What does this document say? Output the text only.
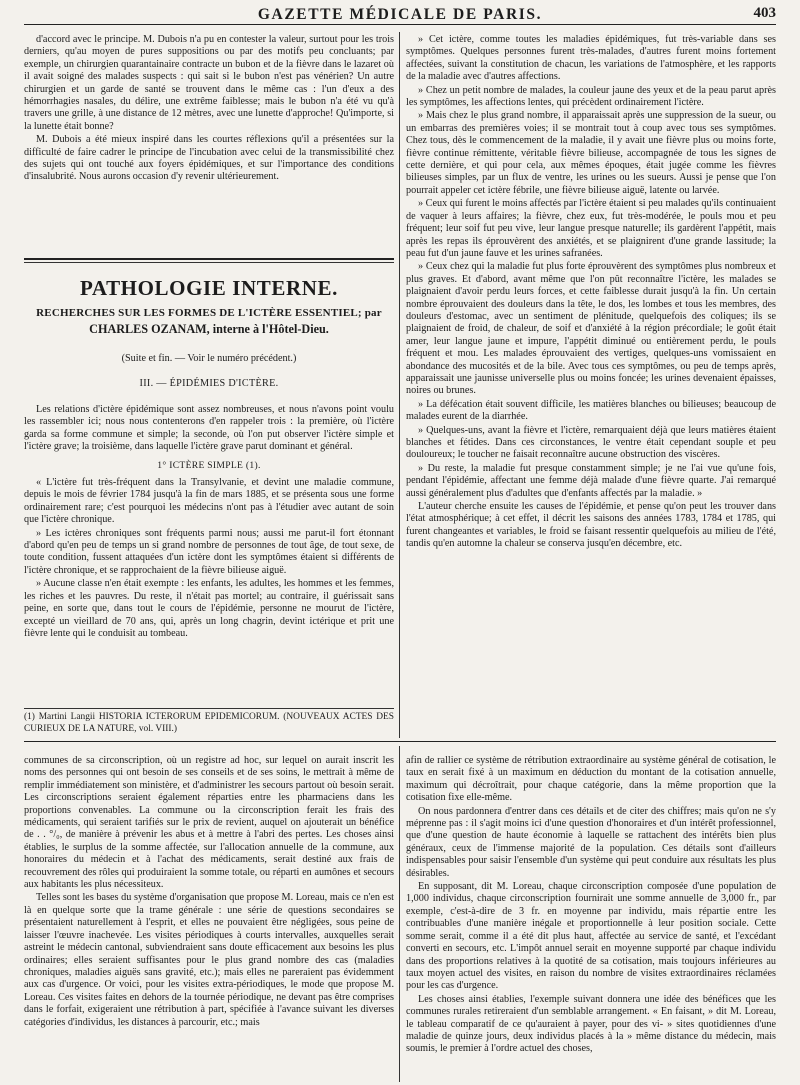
GAZETTE MÉDICALE DE PARIS.	403

d'accord avec le principe. M. Dubois n'a pu en contester la valeur, surtout pour les trois derniers, qu'au moyen de pures suppositions ou par des motifs peu concluants; par exemple, un chirurgien quarantainaire contracte un bubon et de la fièvre dans le lazaret où il avait soigné des malades suspects : qui sait si le bubon n'est pas vénérien? Un autre chirurgien et un garde de santé se trouvent dans le même cas : l'un d'eux a des hémorrhagies nasales, du délire, une extrême faiblesse; mais le bubon n'a été vu qu'à travers une grille, à une distance de 12 mètres, avec une lunette d'approche! Qu'importe, si la lunette était bonne?

M. Dubois a été mieux inspiré dans les courtes réflexions qu'il a présentées sur la difficulté de faire cadrer le principe de l'incubation avec celui de la transmissibilité chez des sujets qui ont touché aux foyers épidémiques, et sur l'importance des conditions d'insalubrité. Nous aurons occasion d'y revenir ultérieurement.

PATHOLOGIE INTERNE.
RECHERCHES SUR LES FORMES DE L'ICTÈRE ESSENTIEL; par
CHARLES OZANAM, interne à l'Hôtel-Dieu.
(Suite et fin. — Voir le numéro précédent.)
III. — ÉPIDÉMIES D'ICTÈRE.

Les relations d'ictère épidémique sont assez nombreuses, et nous n'avons point voulu les rassembler ici; nous nous contenterons d'en rappeler trois : la première, où l'ictère garda sa forme commune et simple; la seconde, où l'on put observer l'ictère simple et l'ictère grave; la troisième, dans laquelle l'ictère grave parut dominant et général.

1° ICTÈRE SIMPLE (1).

« L'ictère fut très-fréquent dans la Transylvanie, et devint une maladie commune, depuis le mois de février 1784 jusqu'à la fin de mars 1885, et se présenta sous une forme ordinairement rare; c'est pourquoi les médecins n'ont pas à l'étudier avec autant de soin que l'ictère chronique.

» Les ictères chroniques sont fréquents parmi nous; aussi me parut-il fort étonnant d'abord qu'en peu de temps un si grand nombre de personnes de tout âge, de tout sexe, de toute condition, fussent attaquées d'un ictère dont les symptômes étaient si différents de l'ictère chronique, et se rapprochaient de la fièvre bilieuse aiguë.

» Aucune classe n'en était exempte : les enfants, les adultes, les hommes et les femmes, les riches et les pauvres. Du reste, il n'était pas mortel; au contraire, il guérissait sans peine, en sorte que, dans tout le cours de l'épidémie, personne ne mourut de l'ictère, excepté un vieillard de 70 ans, qui, après un long chagrin, devint ictérique et prit une fièvre lente qui le conduisit au tombeau.

(1) Martini Langii HISTORIA ICTERORUM EPIDEMICORUM. (NOUVEAUX ACTES DES CURIEUX DE LA NATURE, vol. VIII.)

» Cet ictère, comme toutes les maladies épidémiques, fut très-variable dans ses symptômes. Quelques personnes furent très-malades, d'autres furent moins fortement affectées, suivant la constitution de chacun, les variations de l'atmosphère, et les rapports de la maladie avec d'autres affections.

» Chez un petit nombre de malades, la couleur jaune des yeux et de la peau parut après les symptômes, les affections lentes, qui précèdent ordinairement l'ictère.

» Mais chez le plus grand nombre, il apparaissait après une suppression de la sueur, ou un embarras des premières voies; il se montrait tout à coup avec tous ses symptômes. Chez tous, dès le commencement de la maladie, il y avait une fièvre plus ou moins forte, fièvre continue rémittente, véritable fièvre bilieuse, accompagnée de tous les signes de cette dernière, et qui pour cela, aux mêmes époques, était jugée comme les fièvres bilieuses simples, par un flux de ventre, les urines ou les sueurs. Aussi je pense que l'on pourrait appeler cet ictère fébrile, une fièvre bilieuse aiguë, latente ou larvée.

» Ceux qui furent le moins affectés par l'ictère étaient si peu malades qu'ils continuaient de vaquer à leurs affaires; la fièvre, chez eux, fut très-modérée, le pouls mou et peu fréquent; leur soif fut peu vive, leur langue presque naturelle; ils gardèrent l'appétit, mais après les repas ils éprouvèrent des anxiétés, et se plaignirent d'une grande lassitude; la peau fut d'un jaune fauve et les urines safranées.

» Ceux chez qui la maladie fut plus forte éprouvèrent des symptômes plus nombreux et plus graves. Et d'abord, avant même que l'on pût reconnaître l'ictère, les malades se plaignaient d'avoir perdu leurs forces, et cette faiblesse durait jusqu'à la fin. Un certain nombre éprouvaient des douleurs dans la tête, le dos, les lombes et tous les membres, des douleurs d'estomac, avec un sentiment de plénitude, quelquefois des coliques; ils se plaignaient de froid, de chaleur, de soif et d'anxiété à la région précordiale; le goût était amer, leur langue jaune et impure, l'appétit diminué ou entièrement perdu, le pouls fréquent et mou. Les malades éprouvaient des vertiges, quelques-uns vomissaient en abondance des mucosités et de la bile. Avec tous ces symptômes, ou peu de temps après, apparaissait une jaunisse universelle plus ou moins foncée; les urines devenaient épaisses, noires ou brunes.

» La défécation était souvent difficile, les matières blanches ou bilieuses; beaucoup de malades eurent de la diarrhée.

» Quelques-uns, avant la fièvre et l'ictère, remarquaient déjà que leurs matières étaient blanches et fétides. Dans ces circonstances, le ventre était cependant souple et peu douloureux; le toucher ne faisait reconnaître aucune obstruction des viscères.

» Du reste, la maladie fut presque constamment simple; je ne l'ai vue qu'une fois, pendant l'épidémie, affectant une femme déjà malade d'une fièvre quarte. J'ai remarqué aussi généralement plus d'adultes que d'enfants affectés par la maladie. »

L'auteur cherche ensuite les causes de l'épidémie, et pense qu'on peut les trouver dans l'état atmosphérique; à cet effet, il décrit les saisons des années 1783, 1784 et 1785, qui furent changeantes et variables, le froid se faisant ressentir quelquefois au milieu de l'été, tandis qu'en automne la chaleur se conserva jusqu'en décembre, etc.

communes de sa circonscription, où un registre ad hoc, sur lequel on aurait inscrit les noms des personnes qui ont besoin de ses conseils et de ses soins, le mettrait à même de remplir immédiatement son ministère, et d'administrer les secours partout où besoin serait. Les circonscriptions seraient également réparties entre les pharmaciens dans les proportions convenables. La commune ou la circonscription ferait les frais des médicaments, qui seraient tarifiés sur le prix de revient, auquel on ajouterait un bénéfice de . . °/₀, de manière à prévenir les abus et à mettre à l'abri des pertes. Les choses ainsi établies, le surplus de la somme affectée, sur l'allocation annuelle de la commune, aux honoraires du médecin et à l'achat des médicaments, serait destiné aux frais de recouvrement des rôles qui produiraient la somme totale, ou réparti en aumônes et secours aux habitants les plus nécessiteux.

Telles sont les bases du système d'organisation que propose M. Loreau, mais ce n'en est là en quelque sorte que la trame générale : une série de questions secondaires se présentaient naturellement à l'esprit, et elles ne pouvaient être négligées, sous peine de laisser l'œuvre inachevée. Les visites périodiques à courts intervalles, auxquelles serait astreint le médecin cantonal, subviendraient sans doute efficacement aux besoins les plus ordinaires; elles seraient suffisantes pour le plus grand nombre des cas (maladies chroniques, maladies aiguës sans gravité, etc.); mais elles ne pareraient pas évidemment aux cas d'urgence. Or voici, pour les visites extra-périodiques, le mode que propose M. Loreau. Ces visites faites en dehors de la tournée périodique, ne devant pas être comprises dans le forfait, exigeraient une rétribution à part, spécifiée à l'avance suivant les diverses catégories d'individus, les distances à parcourir, etc.; mais

afin de rallier ce système de rétribution extraordinaire au système général de cotisation, le taux en serait fixé à un maximum en déduction du montant de la cotisation annuelle, maximum qui décroîtrait, pour chaque catégorie, dans la même proportion que la cotisation fixe elle-même.

On nous pardonnera d'entrer dans ces détails et de citer des chiffres; mais qu'on ne s'y méprenne pas : il s'agit moins ici d'une question d'honoraires et d'un intérêt professionnel, que d'une question de haute économie à laquelle se rattachent des intérêts bien plus généraux, ceux de l'immense majorité de la population. Ces détails sont d'ailleurs indispensables pour saisir l'ensemble d'un système qui peut conduire aux résultats les plus désirables.

En supposant, dit M. Loreau, chaque circonscription composée d'une population de 1,000 individus, chaque circonscription fournirait une somme annuelle de 3,000 fr., par exemple, c'est-à-dire de 3 fr. en moyenne par individu, mais répartie entre les contribuables d'une manière inégale et proportionnelle à leur position sociale. Cette somme serait, comme il a été dit plus haut, affectée au service de santé, et l'excédant converti en secours, etc. L'impôt annuel serait en moyenne supporté par chaque individu dans des proportions relatives à la quotité de sa cotisation, mais toujours inférieures au taux moyen actuel des visites, en raison du nombre de visites extraordinaires réclamées pour les cas d'urgence.

Les choses ainsi établies, l'exemple suivant donnera une idée des bénéfices que les communes rurales retireraient d'un semblable arrangement. « En faisant, » dit M. Loreau, le tableau comparatif de ce qu'auraient à payer, pour des vi- » sites quotidiennes d'une maladie de quinze jours, deux individus placés à la » même distance du médecin, mais soumis, le premier à l'ordre actuel des choses,
